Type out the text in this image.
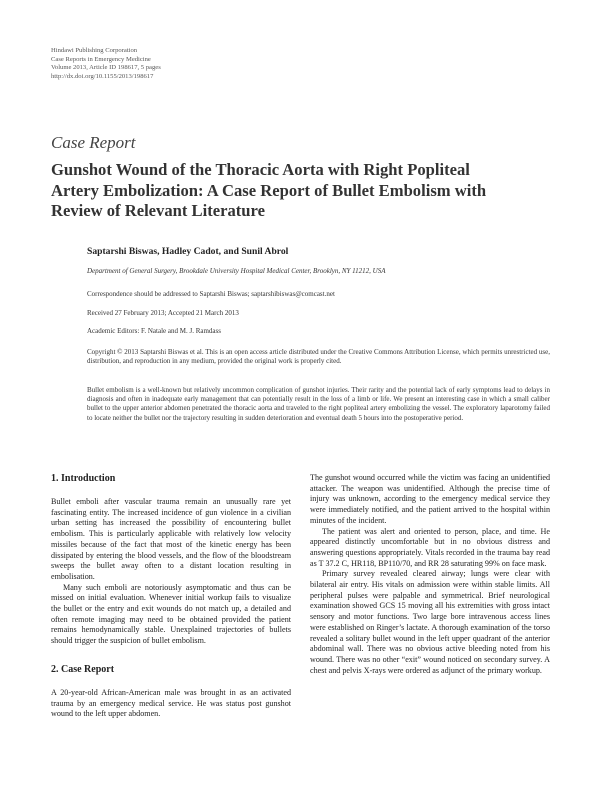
Hindawi Publishing Corporation
Case Reports in Emergency Medicine
Volume 2013, Article ID 198617, 5 pages
http://dx.doi.org/10.1155/2013/198617
Case Report
Gunshot Wound of the Thoracic Aorta with Right Popliteal Artery Embolization: A Case Report of Bullet Embolism with Review of Relevant Literature
Saptarshi Biswas, Hadley Cadot, and Sunil Abrol
Department of General Surgery, Brookdale University Hospital Medical Center, Brooklyn, NY 11212, USA
Correspondence should be addressed to Saptarshi Biswas; saptarshibiswas@comcast.net
Received 27 February 2013; Accepted 21 March 2013
Academic Editors: F. Natale and M. J. Ramdass
Copyright © 2013 Saptarshi Biswas et al. This is an open access article distributed under the Creative Commons Attribution License, which permits unrestricted use, distribution, and reproduction in any medium, provided the original work is properly cited.
Bullet embolism is a well-known but relatively uncommon complication of gunshot injuries. Their rarity and the potential lack of early symptoms lead to delays in diagnosis and often in inadequate early management that can potentially result in the loss of a limb or life. We present an interesting case in which a small caliber bullet to the upper anterior abdomen penetrated the thoracic aorta and traveled to the right popliteal artery embolizing the vessel. The exploratory laparotomy failed to locate neither the bullet nor the trajectory resulting in sudden deterioration and eventual death 5 hours into the postoperative period.
1. Introduction

Bullet emboli after vascular trauma remain an unusually rare yet fascinating entity. The increased incidence of gun violence in a civilian urban setting has increased the possibility of encountering bullet embolism. This is particularly applicable with relatively low velocity missiles because of the fact that most of the kinetic energy has been dissipated by entering the blood vessels, and the flow of the bloodstream sweeps the bullet away often to a distant location resulting in embolisation.

Many such emboli are notoriously asymptomatic and thus can be missed on initial evaluation. Whenever initial workup fails to visualize the bullet or the entry and exit wounds do not match up, a detailed and often remote imaging may need to be obtained provided the patient remains hemodynamically stable. Unexplained trajectories of bullets should trigger the suspicion of bullet embolism.

2. Case Report

A 20-year-old African-American male was brought in as an activated trauma by an emergency medical service. He was status post gunshot wound to the left upper abdomen.

The gunshot wound occurred while the victim was facing an unidentified attacker. The weapon was unidentified. Although the precise time of injury was unknown, according to the emergency medical service they were immediately notified, and the patient arrived to the hospital within minutes of the incident.

The patient was alert and oriented to person, place, and time. He appeared distinctly uncomfortable but in no obvious distress and answering questions appropriately. Vitals recorded in the trauma bay read as T 37.2 C, HR118, BP110/70, and RR 28 saturating 99% on face mask.

Primary survey revealed cleared airway; lungs were clear with bilateral air entry. His vitals on admission were within stable limits. All peripheral pulses were palpable and symmetrical. Brief neurological examination showed GCS 15 moving all his extremities with gross intact sensory and motor functions. Two large bore intravenous access lines were established on Ringer’s lactate. A thorough examination of the torso revealed a solitary bullet wound in the left upper quadrant of the anterior abdominal wall. There was no obvious active bleeding noted from his wound. There was no other “exit” wound noticed on secondary survey. A chest and pelvis X-rays were ordered as adjunct of the primary workup.
